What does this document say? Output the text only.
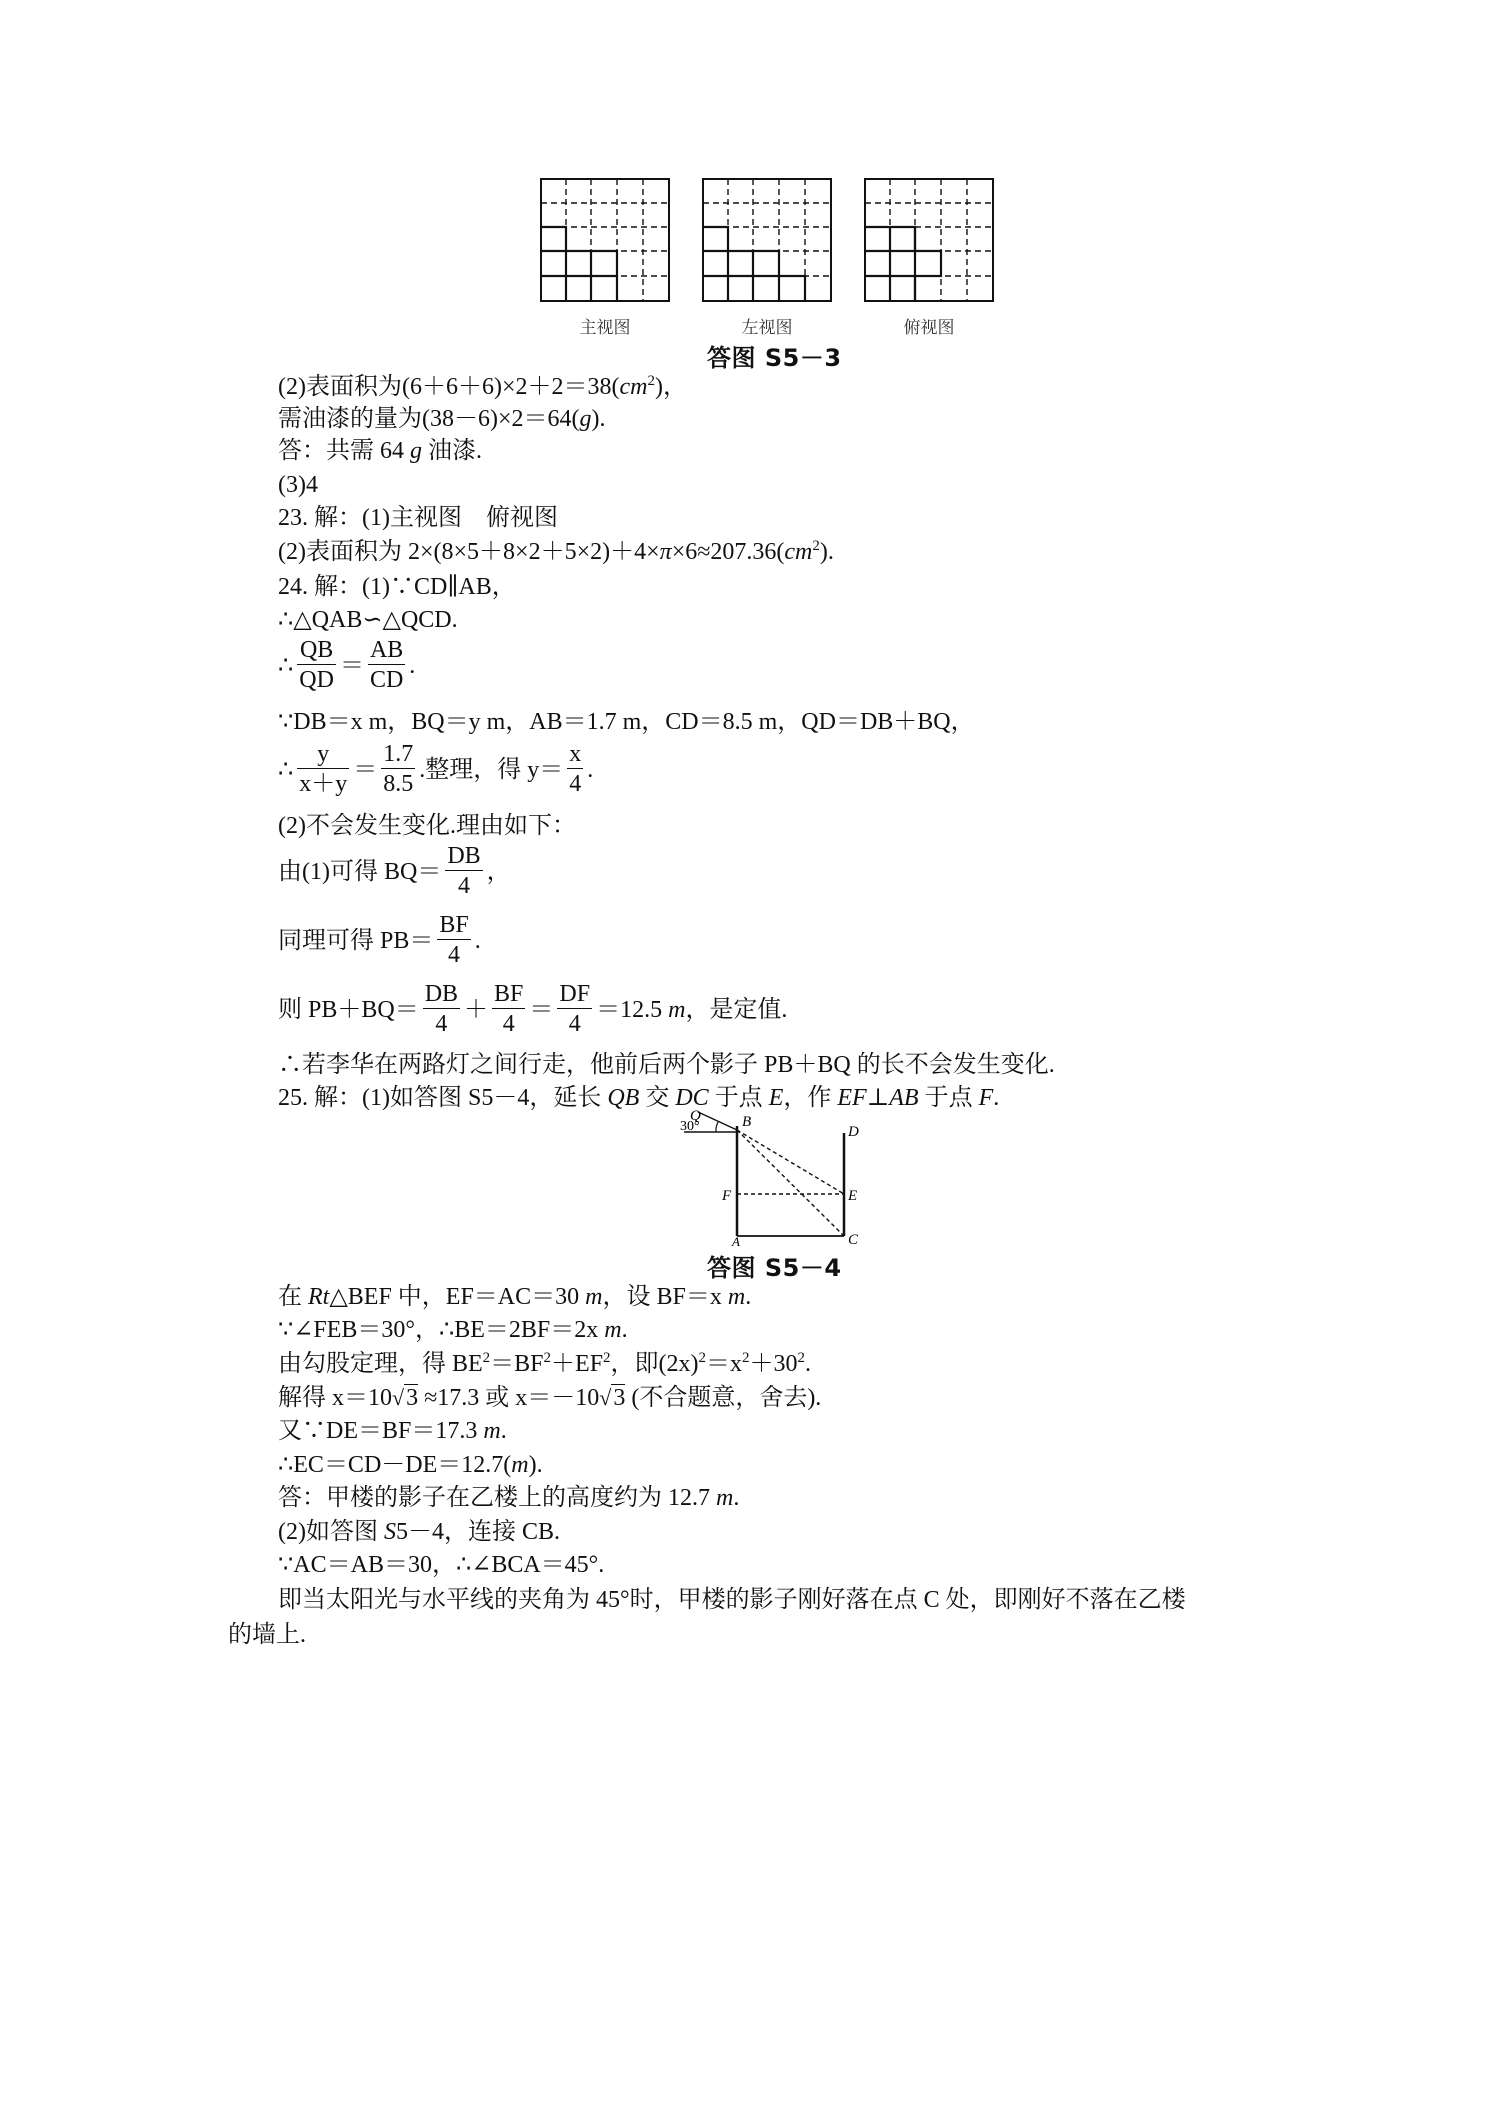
主视图	左视图	俯视图
答图 S5－3
(2)表面积为$(6+6+6)\times 2+2=38(cm^2)$，
需油漆的量为(38－6)×2＝64(g).
答：共需 64 g 油漆.
(3)4
23. 解：(1)主视图　俯视图
(2)表面积为 $2\times(8\times 5+8\times 2+5\times 2)+4\times\pi\times 6\approx 207.36(cm^2)$.
24. 解：(1)∵CD∥AB，
∴△QAB∽△QCD.
∴ $\frac{QB}{QD} = \frac{AB}{CD}$ .
∵DB＝x m，BQ＝y m，AB＝1.7 m，CD＝8.5 m，QD＝DB＋BQ，
∴ $\frac{y}{x+y} = \frac{1.7}{8.5}$ .整理，得 $y= \frac{x}{4}$ .
(2)不会发生变化.理由如下：
由(1)可得 $BQ= \frac{DB}{4}$ ，
同理可得 $PB= \frac{BF}{4}$ .
则 $PB+BQ= \frac{DB}{4} + \frac{BF}{4} = \frac{DF}{4} =12.5$ m，是定值.
∴若李华在两路灯之间行走，他前后两个影子 PB＋BQ 的长不会发生变化.
25. 解：(1)如答图 S5－4，延长 QB 交 DC 于点 E，作 EF⊥AB 于点 F.
Q	B
D
F	E
A	C
30°
答图 S5－4
在 Rt△BEF 中，EF＝AC＝30 m，设 BF＝x m.
∵∠FEB＝30°，∴BE＝2BF＝2x m.
由勾股定理，得 $BE^2=BF^2+EF^2$，即$(2x)^2=x^2+30^2$.
解得 x＝10√3 ≈17.3 或 x＝－10√3 (不合题意，舍去).
又∵DE＝BF＝17.3 m.
∴EC＝CD－DE＝12.7(m).
答：甲楼的影子在乙楼上的高度约为 12.7 m.
(2)如答图 S5－4，连接 CB.
∵AC＝AB＝30，∴∠BCA＝45°.
即当太阳光与水平线的夹角为 45°时，甲楼的影子刚好落在点 C 处，即刚好不落在乙楼
的墙上.
